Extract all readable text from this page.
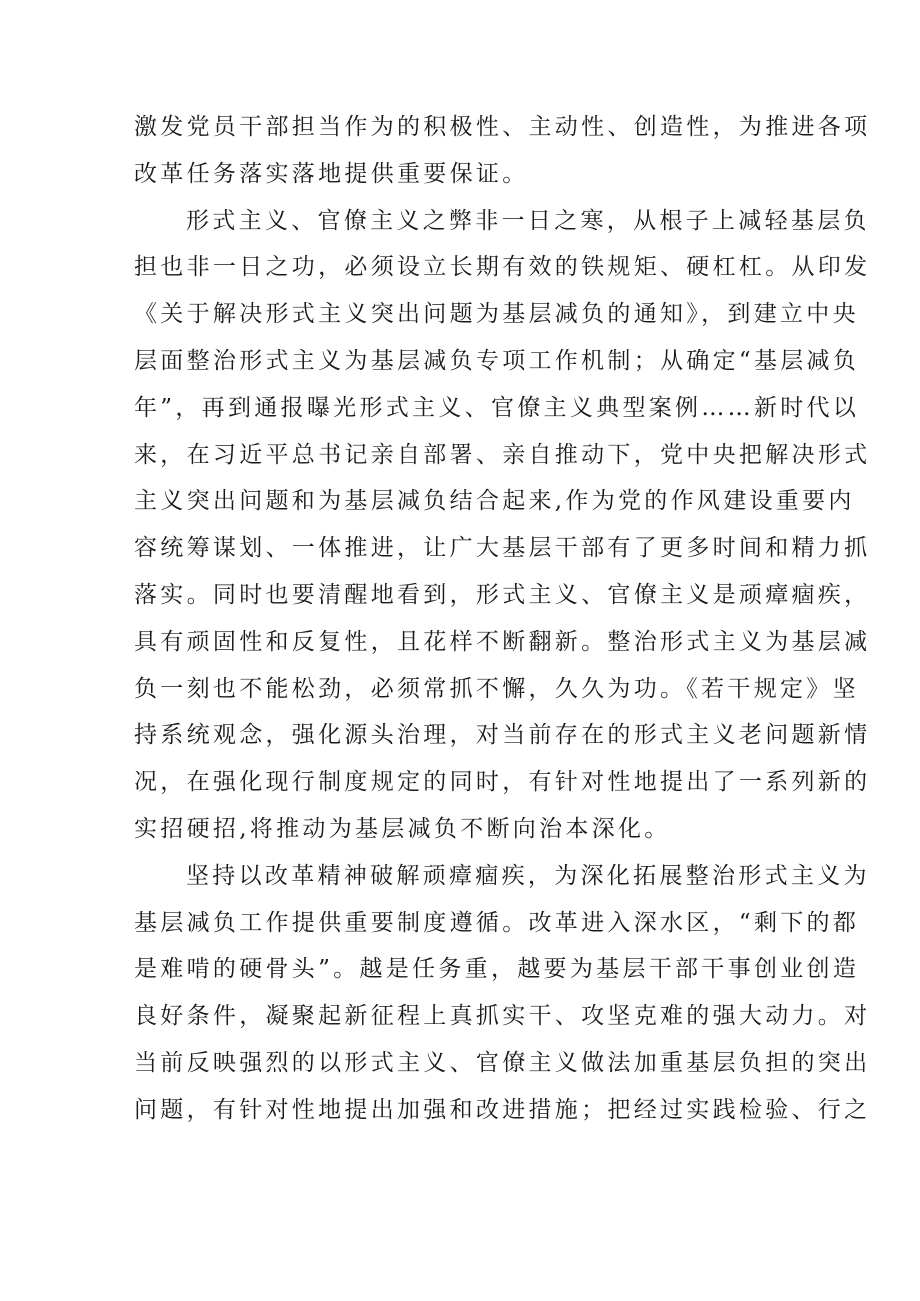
激发党员干部担当作为的积极性、主动性、创造性，为推进各项
改革任务落实落地提供重要保证。
形式主义、官僚主义之弊非一日之寒，从根子上减轻基层负
担也非一日之功，必须设立长期有效的铁规矩、硬杠杠。从印发
《关于解决形式主义突出问题为基层减负的通知》，到建立中央
层面整治形式主义为基层减负专项工作机制；从确定“基层减负
年”，再到通报曝光形式主义、官僚主义典型案例……新时代以
来，在习近平总书记亲自部署、亲自推动下，党中央把解决形式
主义突出问题和为基层减负结合起来,作为党的作风建设重要内
容统筹谋划、一体推进，让广大基层干部有了更多时间和精力抓
落实。同时也要清醒地看到，形式主义、官僚主义是顽瘴痼疾，
具有顽固性和反复性，且花样不断翻新。整治形式主义为基层减
负一刻也不能松劲，必须常抓不懈，久久为功。《若干规定》坚
持系统观念，强化源头治理，对当前存在的形式主义老问题新情
况，在强化现行制度规定的同时，有针对性地提出了一系列新的
实招硬招,将推动为基层减负不断向治本深化。
坚持以改革精神破解顽瘴痼疾，为深化拓展整治形式主义为
基层减负工作提供重要制度遵循。改革进入深水区，“剩下的都
是难啃的硬骨头”。越是任务重，越要为基层干部干事创业创造
良好条件，凝聚起新征程上真抓实干、攻坚克难的强大动力。对
当前反映强烈的以形式主义、官僚主义做法加重基层负担的突出
问题，有针对性地提出加强和改进措施；把经过实践检验、行之
